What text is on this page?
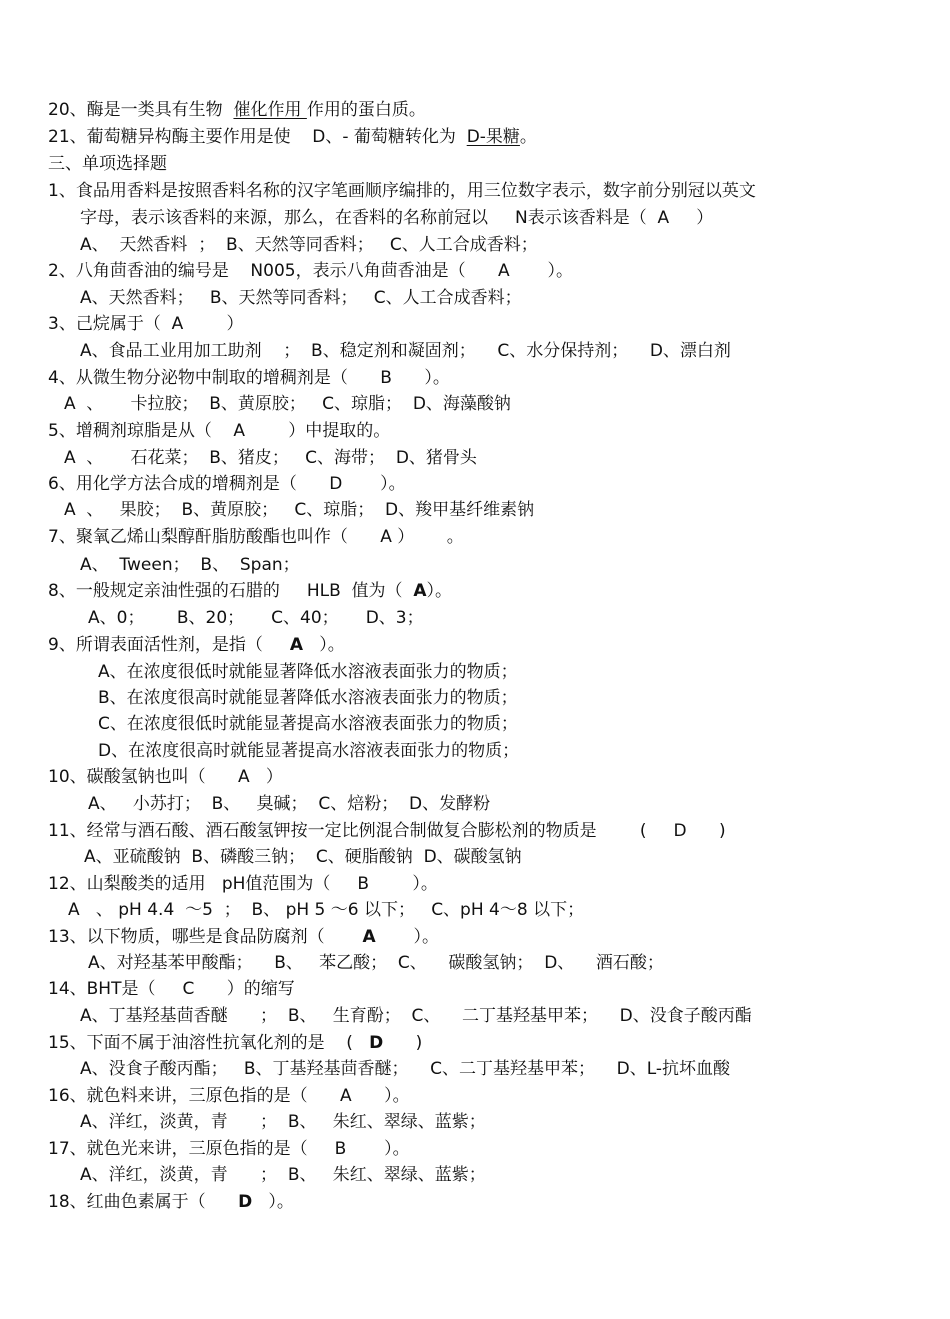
20、酶是一类具有生物  催化作用 作用的蛋白质。
21、葡萄糖异构酶主要作用是使    D、- 葡萄糖转化为  D-果糖。
三、单项选择题
1、食品用香料是按照香料名称的汉字笔画顺序编排的，用三位数字表示，数字前分别冠以英文
字母，表示该香料的来源，那么，在香料的名称前冠以     N表示该香料是（  A     ）
A、  天然香料  ；  B、天然等同香料；   C、人工合成香料；
2、八角茴香油的编号是    N005，表示八角茴香油是（      A       ）。
A、天然香料；   B、天然等同香料；   C、人工合成香料；
3、己烷属于（  A        ）
A、食品工业用加工助剂    ；  B、稳定剂和凝固剂；    C、水分保持剂；    D、漂白剂
4、从微生物分泌物中制取的增稠剂是（      B      ）。
A  、     卡拉胶；  B、黄原胶；   C、琼脂；  D、海藻酸钠
5、增稠剂琼脂是从（    A        ）中提取的。
A  、     石花菜；  B、猪皮；   C、海带；  D、猪骨头
6、用化学方法合成的增稠剂是（      D       ）。
A  、   果胶；  B、黄原胶；   C、琼脂；  D、羧甲基纤维素钠
7、聚氧乙烯山梨醇酐脂肪酸酯也叫作（      A ）      。
A、  Tween；  B、  Span；
8、一般规定亲油性强的石腊的     HLB  值为（  A）。
A、0；      B、20；     C、40；     D、3；
9、所谓表面活性剂，是指（     A   ）。
A、在浓度很低时就能显著降低水溶液表面张力的物质；
B、在浓度很高时就能显著降低水溶液表面张力的物质；
C、在浓度很低时就能显著提高水溶液表面张力的物质；
D、在浓度很高时就能显著提高水溶液表面张力的物质；
10、碳酸氢钠也叫（      A   ）
A、   小苏打；  B、   臭碱；  C、焙粉；  D、发酵粉
11、经常与酒石酸、酒石酸氢钾按一定比例混合制做复合膨松剂的物质是        (     D      )
A、亚硫酸钠  B、磷酸三钠；  C、硬脂酸钠  D、碳酸氢钠
12、山梨酸类的适用   pH值范围为（     B        ）。
A   、 pH 4.4  ～5  ；  B、 pH 5 ～6 以下；   C、pH 4～8 以下；
13、以下物质，哪些是食品防腐剂（       A       ）。
A、对羟基苯甲酸酯；    B、   苯乙酸；  C、    碳酸氢钠；  D、    酒石酸；
14、BHT是（     C      ）的缩写
A、丁基羟基茴香醚      ；  B、   生育酚；  C、    二丁基羟基甲苯；    D、没食子酸丙酯
15、下面不属于油溶性抗氧化剂的是    (   D      )
A、没食子酸丙酯；   B、丁基羟基茴香醚；    C、二丁基羟基甲苯；    D、L-抗坏血酸
16、就色料来讲，三原色指的是（      A      ）。
A、洋红，淡黄，青      ；  B、   朱红、翠绿、蓝紫；
17、就色光来讲，三原色指的是（     B       ）。
A、洋红，淡黄，青      ；  B、   朱红、翠绿、蓝紫；
18、红曲色素属于（      D   ）。
